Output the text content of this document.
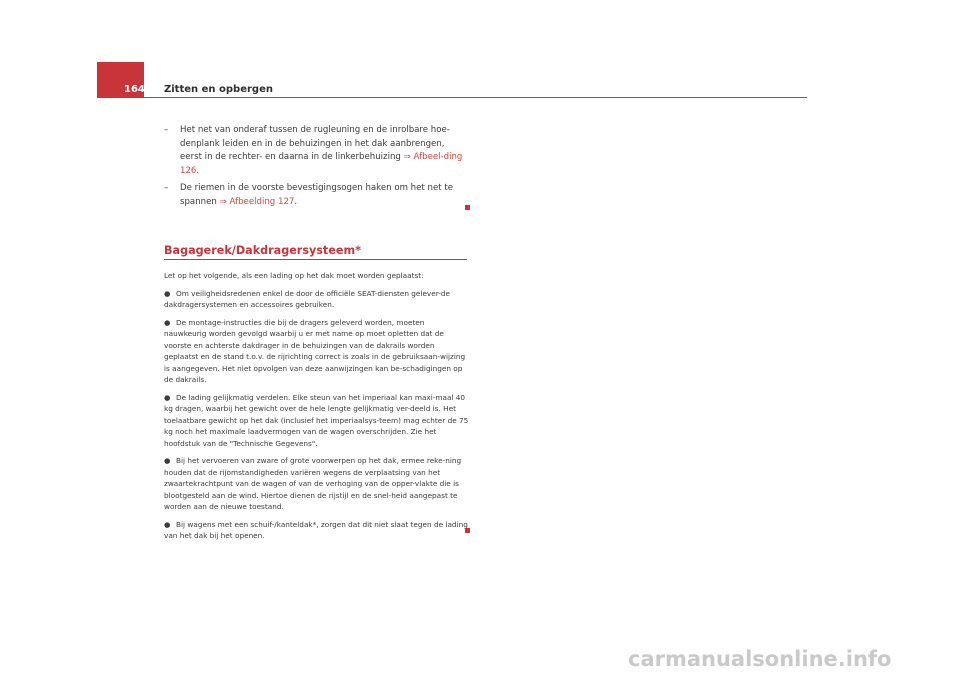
164 Zitten en opbergen
– Het net van onderaf tussen de rugleuning en de inrolbare hoe-denplank leiden en in de behuizingen in het dak aanbrengen, eerst in de rechter- en daarna in de linkerbehuizing ⇒ Afbeel-ding 126.
– De riemen in de voorste bevestigingsogen haken om het net te spannen ⇒ Afbeelding 127.
Bagagerek/Dakdragersysteem*

Let op het volgende, als een lading op het dak moet worden geplaatst:

● Om veiligheidsredenen enkel de door de officiële SEAT-diensten gelever-de dakdragersystemen en accessoires gebruiken.

● De montage-instructies die bij de dragers geleverd worden, moeten nauwkeurig worden gevolgd waarbij u er met name op moet opletten dat de voorste en achterste dakdrager in de behuizingen van de dakrails worden geplaatst en de stand t.o.v. de rijrichting correct is zoals in de gebruiksaan-wijzing is aangegeven. Het niet opvolgen van deze aanwijzingen kan be-schadigingen op de dakrails.

● De lading gelijkmatig verdelen. Elke steun van het imperiaal kan maxi-maal 40 kg dragen, waarbij het gewicht over de hele lengte gelijkmatig ver-deeld is. Het toelaatbare gewicht op het dak (inclusief het imperiaalsys-teem) mag echter de 75 kg noch het maximale laadvermogen van de wagen overschrijden. Zie het hoofdstuk van de "Technische Gegevens".

● Bij het vervoeren van zware of grote voorwerpen op het dak, ermee reke-ning houden dat de rijomstandigheden variëren wegens de verplaatsing van het zwaartekrachtpunt van de wagen of van de verhoging van de opper-vlakte die is blootgesteld aan de wind. Hiertoe dienen de rijstijl en de snel-heid aangepast te worden aan de nieuwe toestand.

● Bij wagens met een schuif-/kanteldak*, zorgen dat dit niet slaat tegen de lading van het dak bij het openen.

carmanualsonline.info
